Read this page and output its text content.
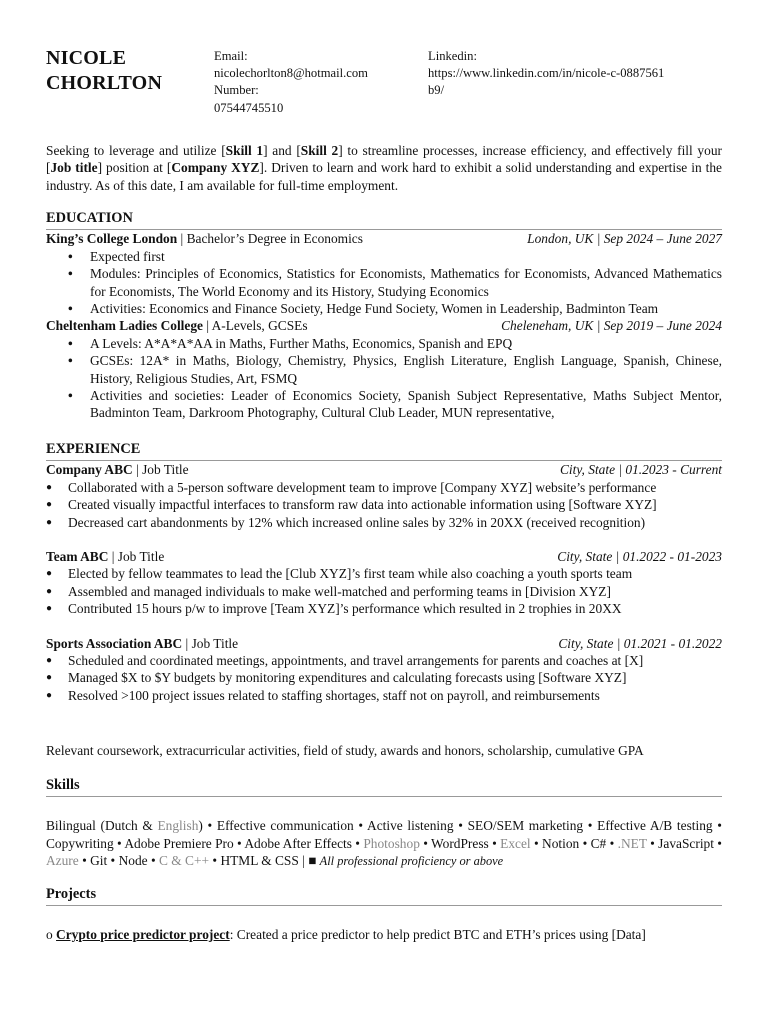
NICOLE
CHORLTON
Email:
nicolechorlton8@hotmail.com
Number:
07544745510
Linkedin:
https://www.linkedin.com/in/nicole-c-0887561b9/
Seeking to leverage and utilize [Skill 1] and [Skill 2] to streamline processes, increase efficiency, and effectively fill your [Job title] position at [Company XYZ]. Driven to learn and work hard to exhibit a solid understanding and expertise in the industry. As of this date, I am available for full-time employment.
EDUCATION
King’s College London | Bachelor’s Degree in Economics	London, UK | Sep 2024 – June 2027
• Expected first
• Modules: Principles of Economics, Statistics for Economists, Mathematics for Economists, Advanced Mathematics for Economists, The World Economy and its History, Studying Economics
• Activities: Economics and Finance Society, Hedge Fund Society, Women in Leadership, Badminton Team
Cheltenham Ladies College | A-Levels, GCSEs	Cheleneham, UK | Sep 2019 – June 2024
• A Levels: A*A*A*AA in Maths, Further Maths, Economics, Spanish and EPQ
• GCSEs: 12A* in Maths, Biology, Chemistry, Physics, English Literature, English Language, Spanish, Chinese, History, Religious Studies, Art, FSMQ
• Activities and societies: Leader of Economics Society, Spanish Subject Representative, Maths Subject Mentor, Badminton Team, Darkroom Photography, Cultural Club Leader, MUN representative,
EXPERIENCE
Company ABC | Job Title	City, State | 01.2023 - Current
● Collaborated with a 5-person software development team to improve [Company XYZ] website’s performance
● Created visually impactful interfaces to transform raw data into actionable information using [Software XYZ]
● Decreased cart abandonments by 12% which increased online sales by 32% in 20XX (received recognition)
Team ABC | Job Title	City, State | 01.2022 - 01-2023
● Elected by fellow teammates to lead the [Club XYZ]’s first team while also coaching a youth sports team
● Assembled and managed individuals to make well-matched and performing teams in [Division XYZ]
● Contributed 15 hours p/w to improve [Team XYZ]’s performance which resulted in 2 trophies in 20XX
Sports Association ABC | Job Title	City, State | 01.2021 - 01.2022
● Scheduled and coordinated meetings, appointments, and travel arrangements for parents and coaches at [X]
● Managed $X to $Y budgets by monitoring expenditures and calculating forecasts using [Software XYZ]
● Resolved >100 project issues related to staffing shortages, staff not on payroll, and reimbursements
Relevant coursework, extracurricular activities, field of study, awards and honors, scholarship, cumulative GPA
Skills
Bilingual (Dutch & English) • Effective communication • Active listening • SEO/SEM marketing • Effective A/B testing • Copywriting • Adobe Premiere Pro • Adobe After Effects • Photoshop • WordPress • Excel • Notion • C# • .NET • JavaScript • Azure • Git • Node • C & C++ • HTML & CSS | ■ All professional proficiency or above
Projects
o Crypto price predictor project: Created a price predictor to help predict BTC and ETH’s prices using [Data]
